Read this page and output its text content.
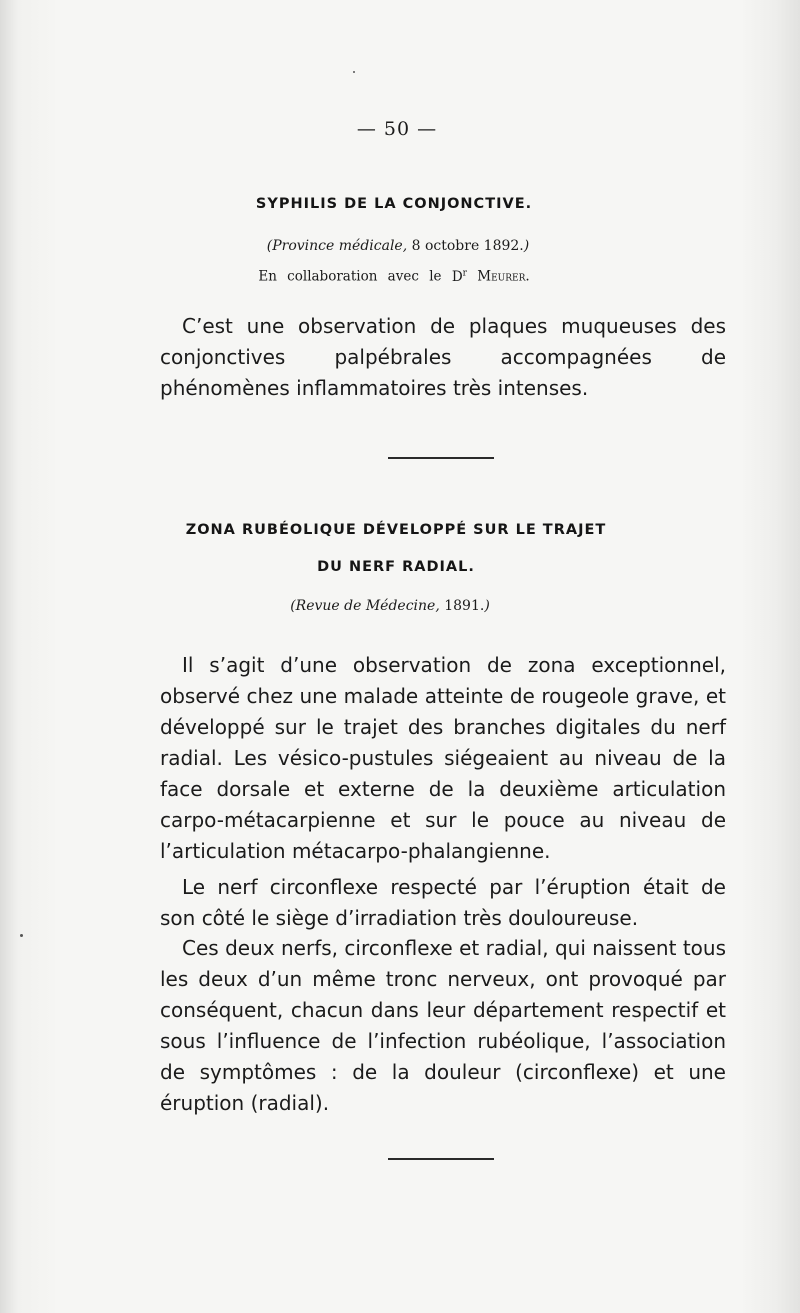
— 50 —
SYPHILIS DE LA CONJONCTIVE.
(Province médicale, 8 octobre 1892.)
En collaboration avec le $D^r$ Meurer.
C’est une observation de plaques muqueuses des conjonctives palpébrales accompagnées de phénomènes inflammatoires très intenses.
ZONA RUBÉOLIQUE DÉVELOPPÉ SUR LE TRAJET
DU NERF RADIAL.
(Revue de Médecine, 1891.)
Il s’agit d’une observation de zona exceptionnel, observé chez une malade atteinte de rougeole grave, et développé sur le trajet des branches digitales du nerf radial. Les vésico-pustules siégeaient au niveau de la face dorsale et externe de la deuxième articulation carpo-métacarpienne et sur le pouce au niveau de l’articulation métacarpo-phalangienne.
Le nerf circonflexe respecté par l’éruption était de son côté le siège d’irradiation très douloureuse.
Ces deux nerfs, circonflexe et radial, qui naissent tous les deux d’un même tronc nerveux, ont provoqué par conséquent, chacun dans leur département respectif et sous l’influence de l’infection rubéolique, l’association de symptômes : de la douleur (circonflexe) et une éruption (radial).
